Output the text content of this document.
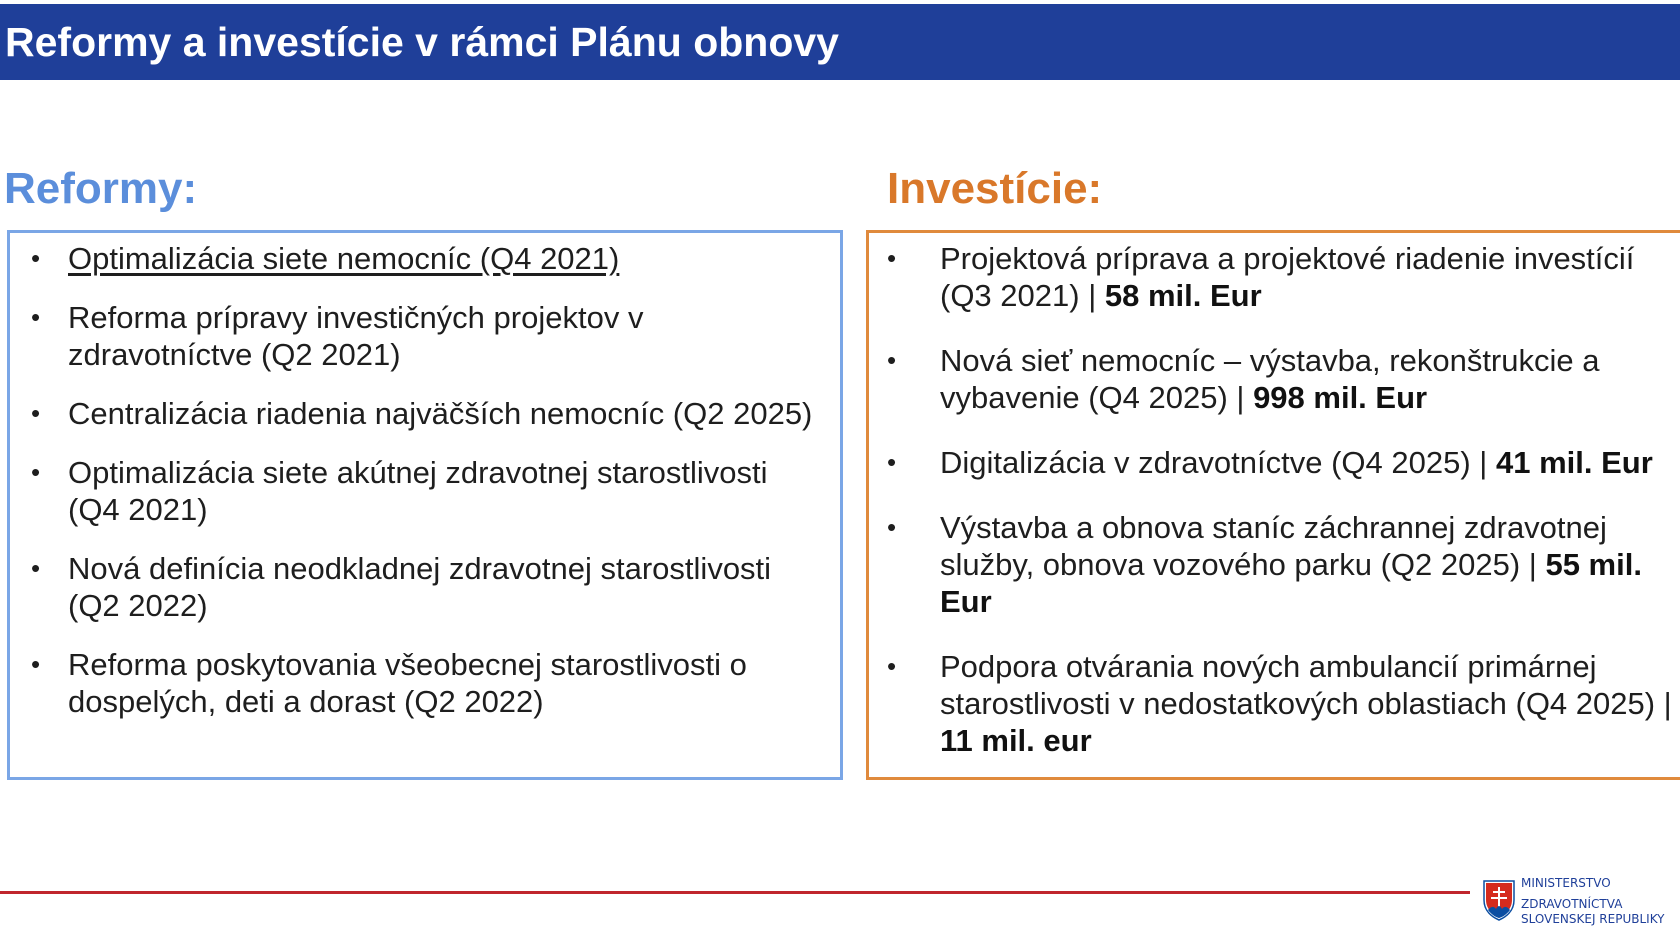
Reformy a investície v rámci Plánu obnovy
Reformy:	Investície:
• Optimalizácia siete nemocníc (Q4 2021)
• Reforma prípravy investičných projektov v zdravotníctve (Q2 2021)
• Centralizácia riadenia najväčších nemocníc (Q2 2025)
• Optimalizácia siete akútnej zdravotnej starostlivosti (Q4 2021)
• Nová definícia neodkladnej zdravotnej starostlivosti (Q2 2022)
• Reforma poskytovania všeobecnej starostlivosti o dospelých, deti a dorast (Q2 2022)
• Projektová príprava a projektové riadenie investícií (Q3 2021) | 58 mil. Eur
• Nová sieť nemocníc – výstavba, rekonštrukcie a vybavenie (Q4 2025) | 998 mil. Eur
• Digitalizácia v zdravotníctve (Q4 2025) | 41 mil. Eur
• Výstavba a obnova staníc záchrannej zdravotnej služby, obnova vozového parku (Q2 2025) | 55 mil. Eur
• Podpora otvárania nových ambulancií primárnej starostlivosti v nedostatkových oblastiach (Q4 2025) | 11 mil. eur
MINISTERSTVO
ZDRAVOTNÍCTVA
SLOVENSKEJ REPUBLIKY
